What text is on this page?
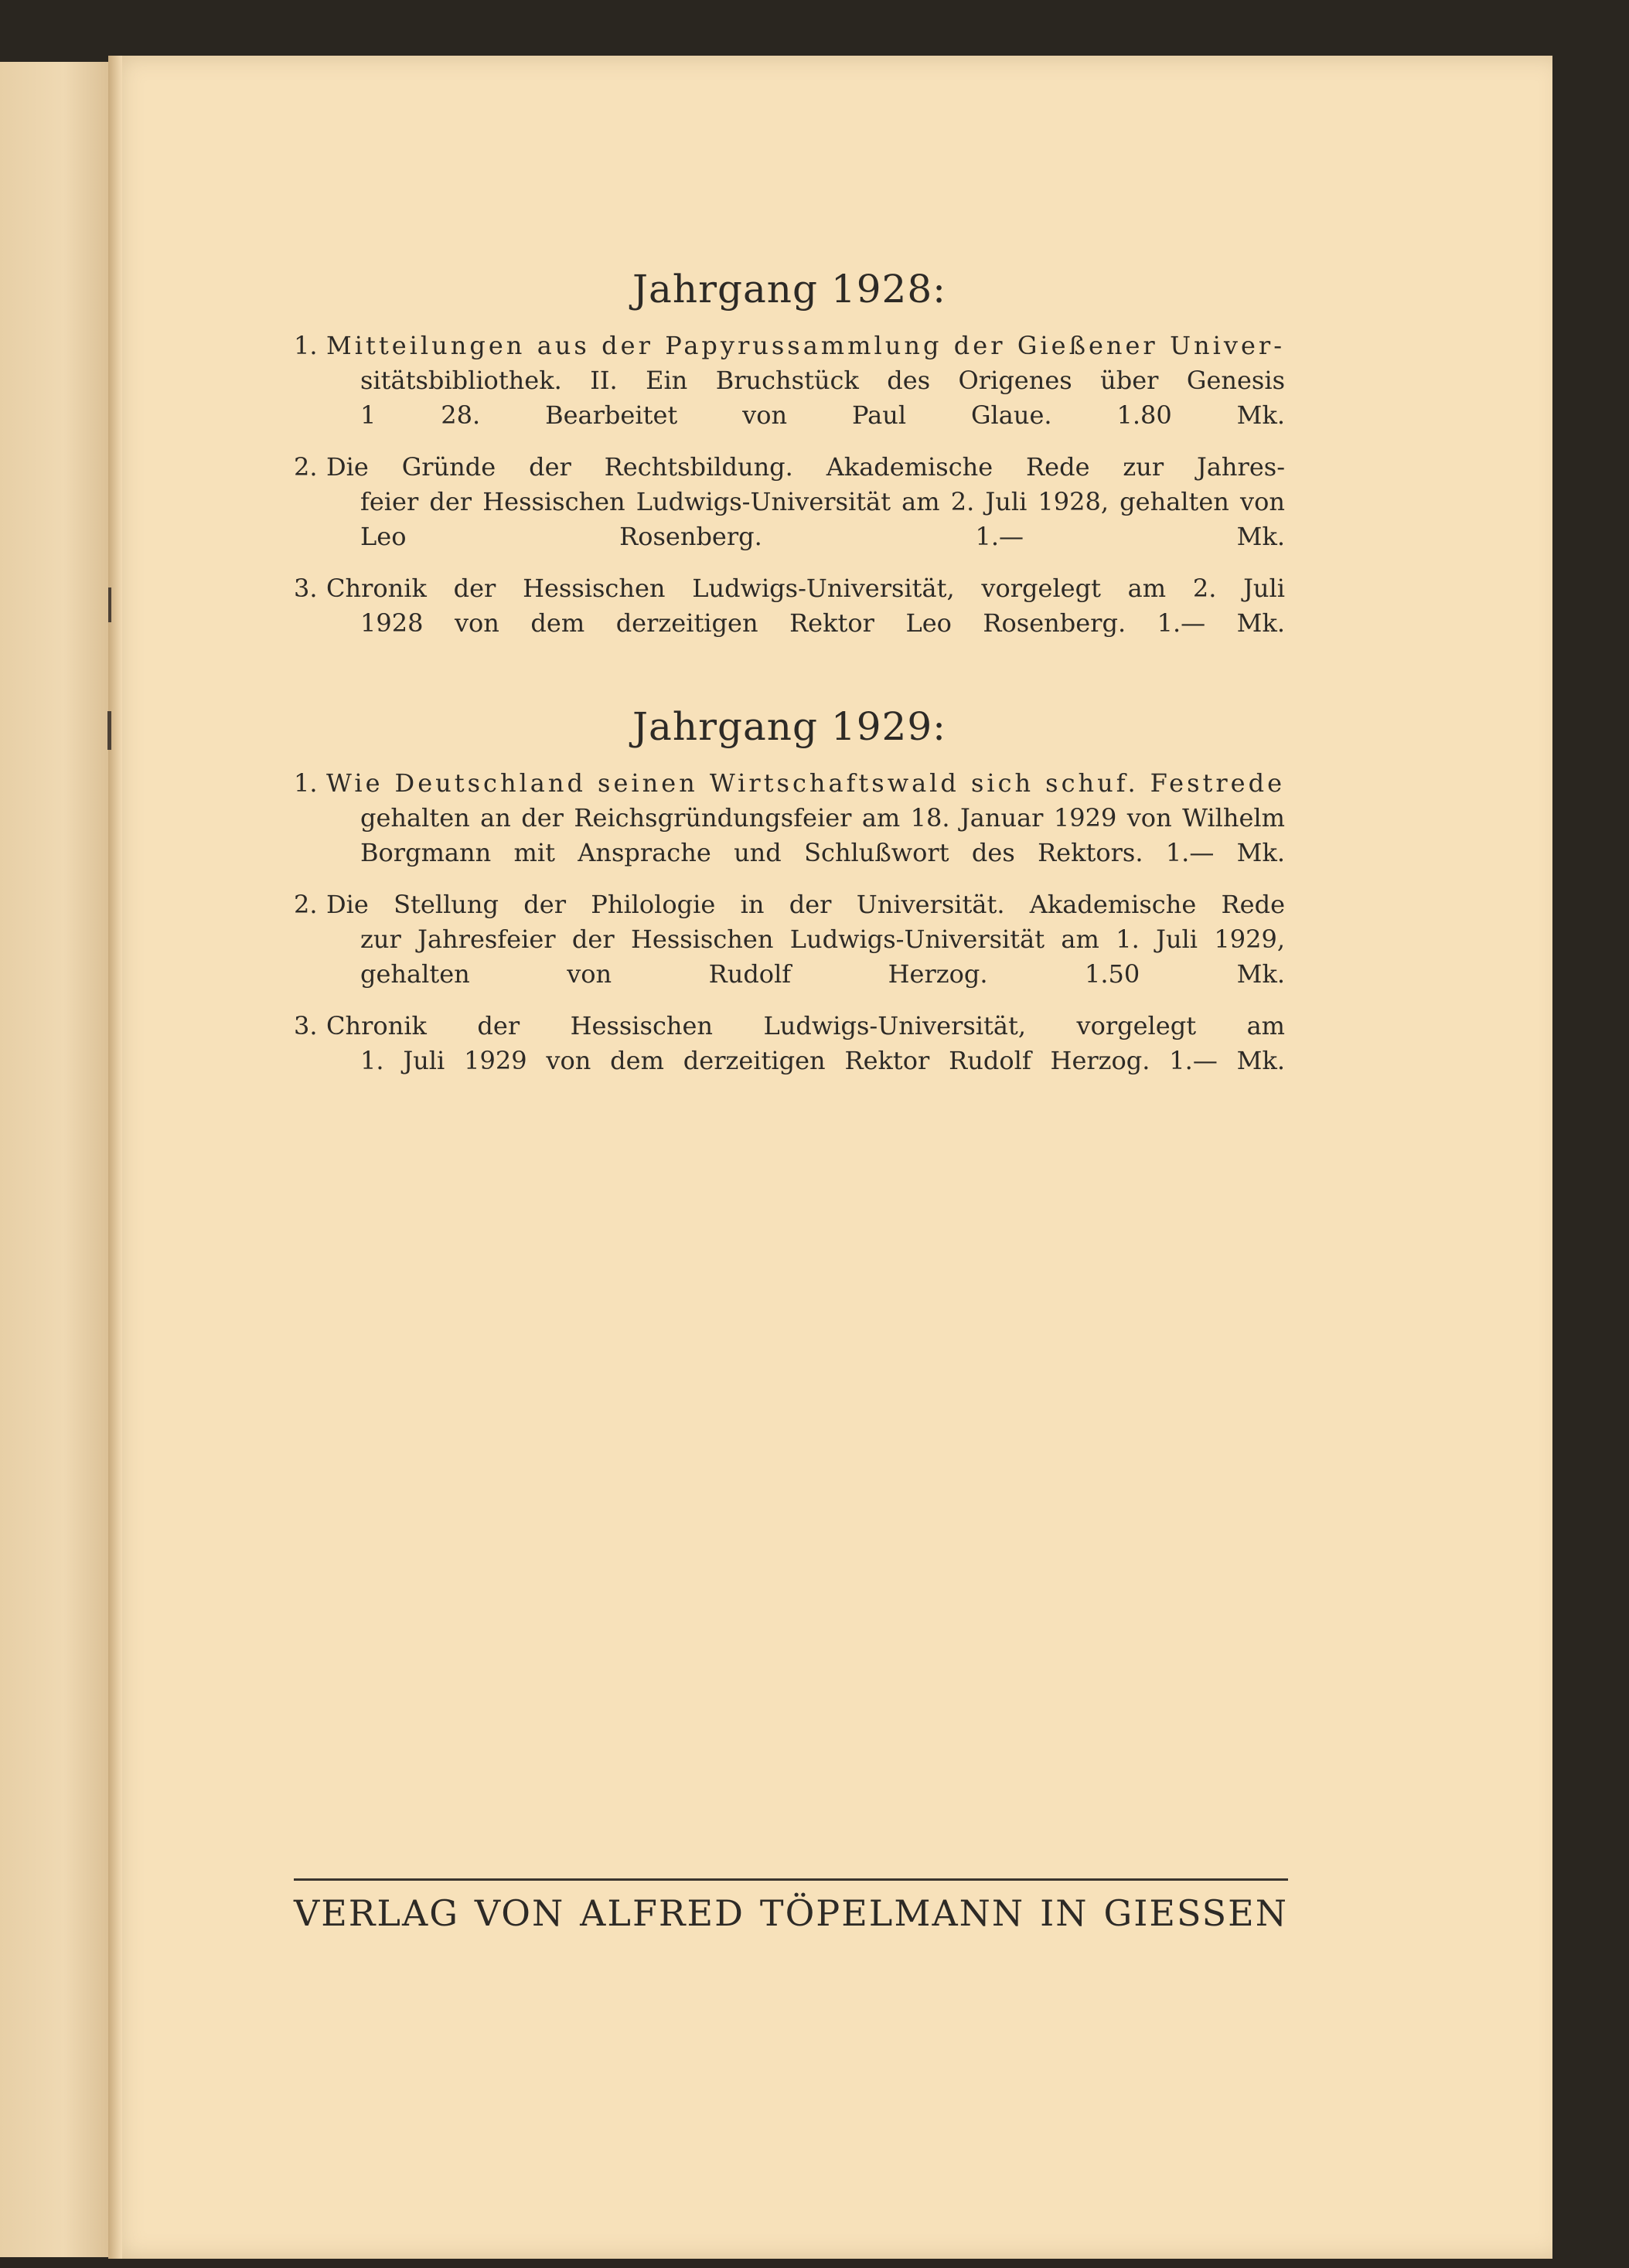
Jahrgang 1928:
1. Mitteilungen aus der Papyrussammlung der Gießener Univer-
sitätsbibliothek. II. Ein Bruchstück des Origenes über Genesis
1 28. Bearbeitet von Paul Glaue. 1.80 Mk.
2. Die Gründe der Rechtsbildung. Akademische Rede zur Jahres-
feier der Hessischen Ludwigs-Universität am 2. Juli 1928, gehalten von
Leo Rosenberg. 1.— Mk.
3. Chronik der Hessischen Ludwigs-Universität, vorgelegt am 2. Juli
1928 von dem derzeitigen Rektor Leo Rosenberg. 1.— Mk.
Jahrgang 1929:
1. Wie Deutschland seinen Wirtschaftswald sich schuf. Festrede
gehalten an der Reichsgründungsfeier am 18. Januar 1929 von Wilhelm
Borgmann mit Ansprache und Schlußwort des Rektors. 1.— Mk.
2. Die Stellung der Philologie in der Universität. Akademische Rede
zur Jahresfeier der Hessischen Ludwigs-Universität am 1. Juli 1929,
gehalten von Rudolf Herzog. 1.50 Mk.
3. Chronik der Hessischen Ludwigs-Universität, vorgelegt am
1. Juli 1929 von dem derzeitigen Rektor Rudolf Herzog. 1.— Mk.
VERLAG VON ALFRED TÖPELMANN IN GIESSEN
